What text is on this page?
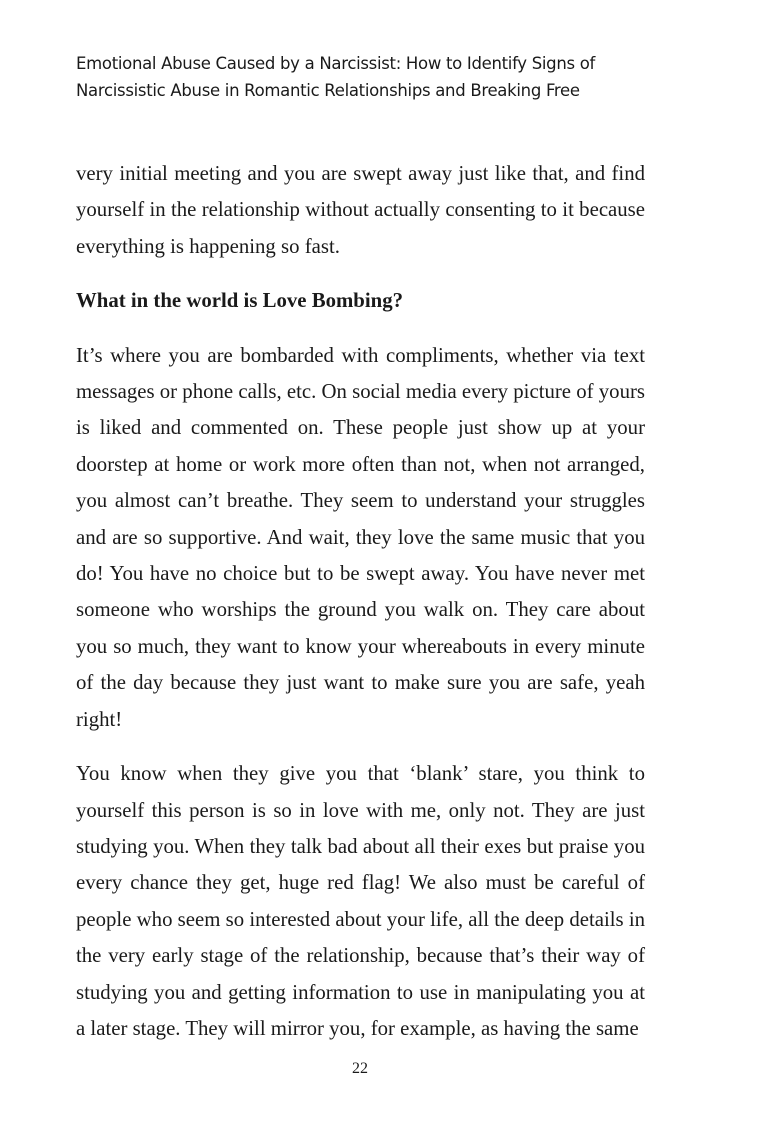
Emotional Abuse Caused by a Narcissist: How to Identify Signs of
Narcissistic Abuse in Romantic Relationships and Breaking Free

very initial meeting and you are swept away just like that, and find yourself in the relationship without actually consenting to it because everything is happening so fast.

What in the world is Love Bombing?

It’s where you are bombarded with compliments, whether via text messages or phone calls, etc. On social media every picture of yours is liked and commented on. These people just show up at your doorstep at home or work more often than not, when not arranged, you almost can’t breathe. They seem to understand your struggles and are so supportive. And wait, they love the same music that you do! You have no choice but to be swept away. You have never met someone who worships the ground you walk on. They care about you so much, they want to know your whereabouts in every minute of the day because they just want to make sure you are safe, yeah right!

You know when they give you that ‘blank’ stare, you think to yourself this person is so in love with me, only not. They are just studying you. When they talk bad about all their exes but praise you every chance they get, huge red flag! We also must be careful of people who seem so interested about your life, all the deep details in the very early stage of the relationship, because that’s their way of studying you and getting information to use in manipulating you at a later stage. They will mirror you, for example, as having the same

22
